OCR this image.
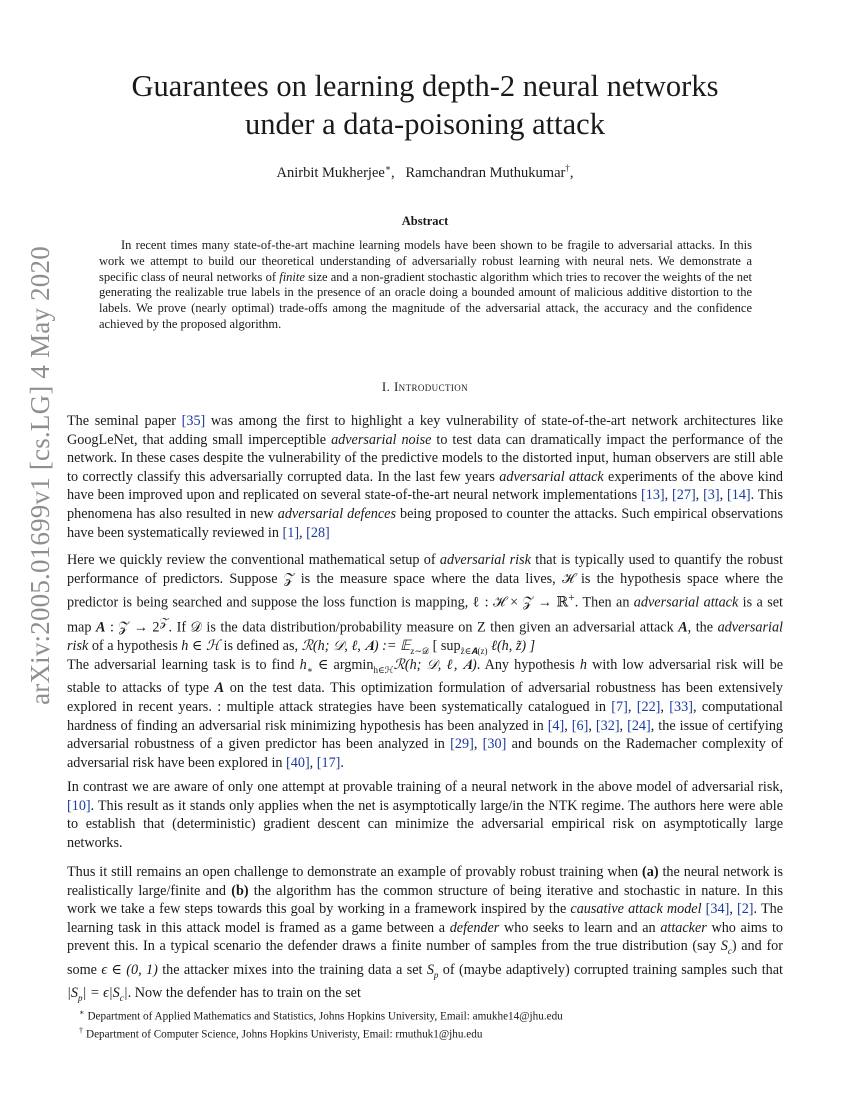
arXiv:2005.01699v1 [cs.LG] 4 May 2020
Guarantees on learning depth-2 neural networks
under a data-poisoning attack
Anirbit Mukherjee∗,   Ramchandran Muthukumar†,
Abstract
In recent times many state-of-the-art machine learning models have been shown to be fragile to adversarial attacks. In this work we attempt to build our theoretical understanding of adversarially robust learning with neural nets. We demonstrate a specific class of neural networks of finite size and a non-gradient stochastic algorithm which tries to recover the weights of the net generating the realizable true labels in the presence of an oracle doing a bounded amount of malicious additive distortion to the labels. We prove (nearly optimal) trade-offs among the magnitude of the adversarial attack, the accuracy and the confidence achieved by the proposed algorithm.
I. Introduction

The seminal paper [35] was among the first to highlight a key vulnerability of state-of-the-art network architectures like GoogLeNet, that adding small imperceptible adversarial noise to test data can dramatically impact the performance of the network. In these cases despite the vulnerability of the predictive models to the distorted input, human observers are still able to correctly classify this adversarially corrupted data. In the last few years adversarial attack experiments of the above kind have been improved upon and replicated on several state-of-the-art neural network implementations [13], [27], [3], [14]. This phenomena has also resulted in new adversarial defences being proposed to counter the attacks. Such empirical observations have been systematically reviewed in [1], [28]

Here we quickly review the conventional mathematical setup of adversarial risk that is typically used to quantify the robust performance of predictors. Suppose 𝒵 is the measure space where the data lives, ℋ is the hypothesis space where the predictor is being searched and suppose the loss function is mapping, ℓ : ℋ × 𝒵 → ℝ+. Then an adversarial attack is a set map A : 𝒵 → $2^𝒵$. If 𝒟 is the data distribution/probability measure on Z then given an adversarial attack A, the adversarial risk of a hypothesis h ∈ ℋ is defined as, ℛ(h; 𝒟, ℓ, 𝑨) := 𝔼$_{z\sim 𝒟}$ [ sup$_{z̃\in 𝑨(z)}$ ℓ(h, z̃) ]

The adversarial learning task is to find $h_∗$ ∈ argmin$_{h\in ℋ}$ℛ(h; 𝒟, ℓ, 𝑨). Any hypothesis h with low adversarial risk will be stable to attacks of type A on the test data. This optimization formulation of adversarial robustness has been extensively explored in recent years. : multiple attack strategies have been systematically catalogued in [7], [22], [33], computational hardness of finding an adversarial risk minimizing hypothesis has been analyzed in [4], [6], [32], [24], the issue of certifying adversarial robustness of a given predictor has been analyzed in [29], [30] and bounds on the Rademacher complexity of adversarial risk have been explored in [40], [17].

In contrast we are aware of only one attempt at provable training of a neural network in the above model of adversarial risk, [10]. This result as it stands only applies when the net is asymptotically large/in the NTK regime. The authors here were able to establish that (deterministic) gradient descent can minimize the adversarial empirical risk on asymptotically large networks.

Thus it still remains an open challenge to demonstrate an example of provably robust training when (a) the neural network is realistically large/finite and (b) the algorithm has the common structure of being iterative and stochastic in nature. In this work we take a few steps towards this goal by working in a framework inspired by the causative attack model [34], [2]. The learning task in this attack model is framed as a game between a defender who seeks to learn and an attacker who aims to prevent this. In a typical scenario the defender draws a finite number of samples from the true distribution (say $S_c$) and for some ϵ ∈ (0, 1) the attacker mixes into the training data a set $S_p$ of (maybe adaptively) corrupted training samples such that $|S_p| = \epsilon|S_c|$. Now the defender has to train on the set

∗ Department of Applied Mathematics and Statistics, Johns Hopkins University, Email: amukhe14@jhu.edu
† Department of Computer Science, Johns Hopkins Univeristy, Email: rmuthuk1@jhu.edu
